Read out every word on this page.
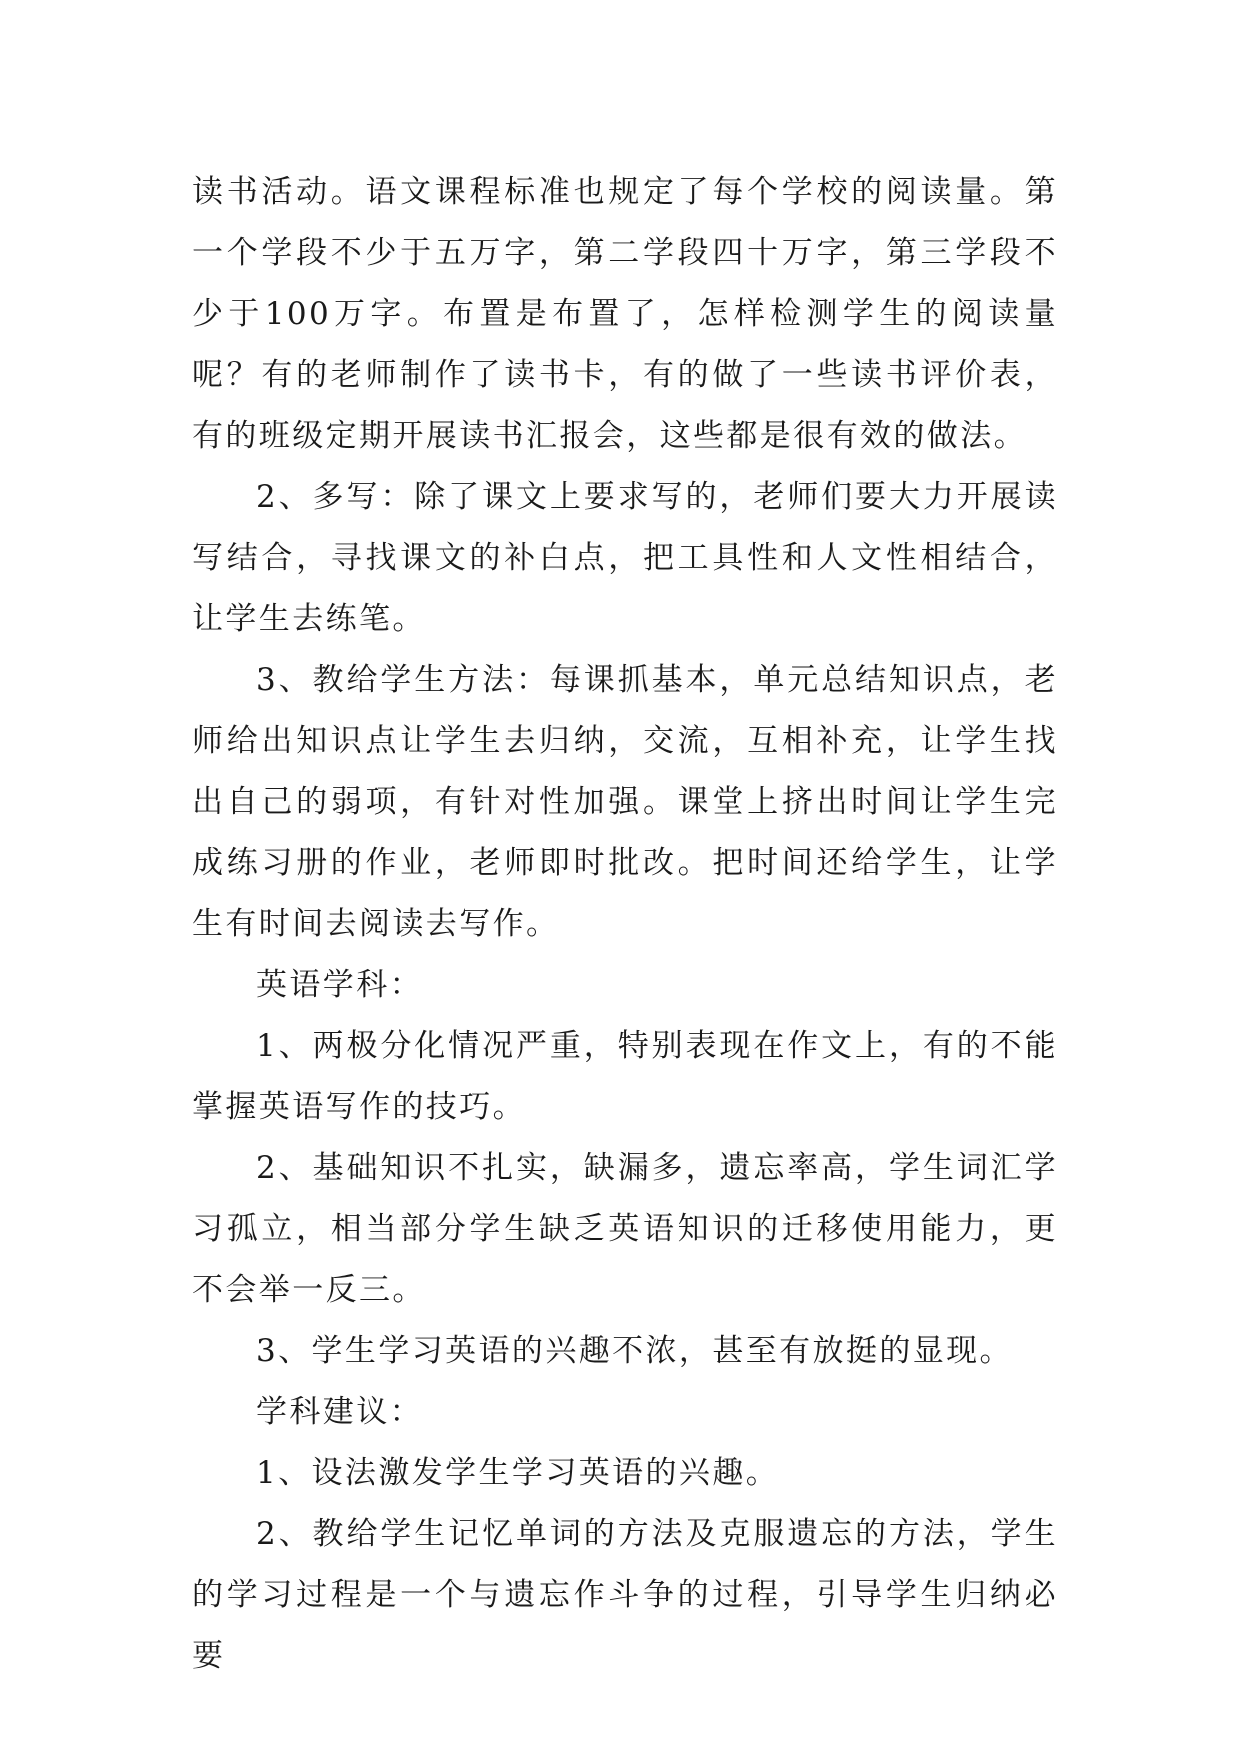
读书活动。语文课程标准也规定了每个学校的阅读量。第一个学段不少于五万字，第二学段四十万字，第三学段不少于100万字。布置是布置了，怎样检测学生的阅读量呢？有的老师制作了读书卡，有的做了一些读书评价表，有的班级定期开展读书汇报会，这些都是很有效的做法。

2、多写：除了课文上要求写的，老师们要大力开展读写结合，寻找课文的补白点，把工具性和人文性相结合，让学生去练笔。

3、教给学生方法：每课抓基本，单元总结知识点，老师给出知识点让学生去归纳，交流，互相补充，让学生找出自己的弱项，有针对性加强。课堂上挤出时间让学生完成练习册的作业，老师即时批改。把时间还给学生，让学生有时间去阅读去写作。

英语学科：

1、两极分化情况严重，特别表现在作文上，有的不能掌握英语写作的技巧。

2、基础知识不扎实，缺漏多，遗忘率高，学生词汇学习孤立，相当部分学生缺乏英语知识的迁移使用能力，更不会举一反三。

3、学生学习英语的兴趣不浓，甚至有放挺的显现。

学科建议：

1、设法激发学生学习英语的兴趣。

2、教给学生记忆单词的方法及克服遗忘的方法，学生的学习过程是一个与遗忘作斗争的过程，引导学生归纳必要
